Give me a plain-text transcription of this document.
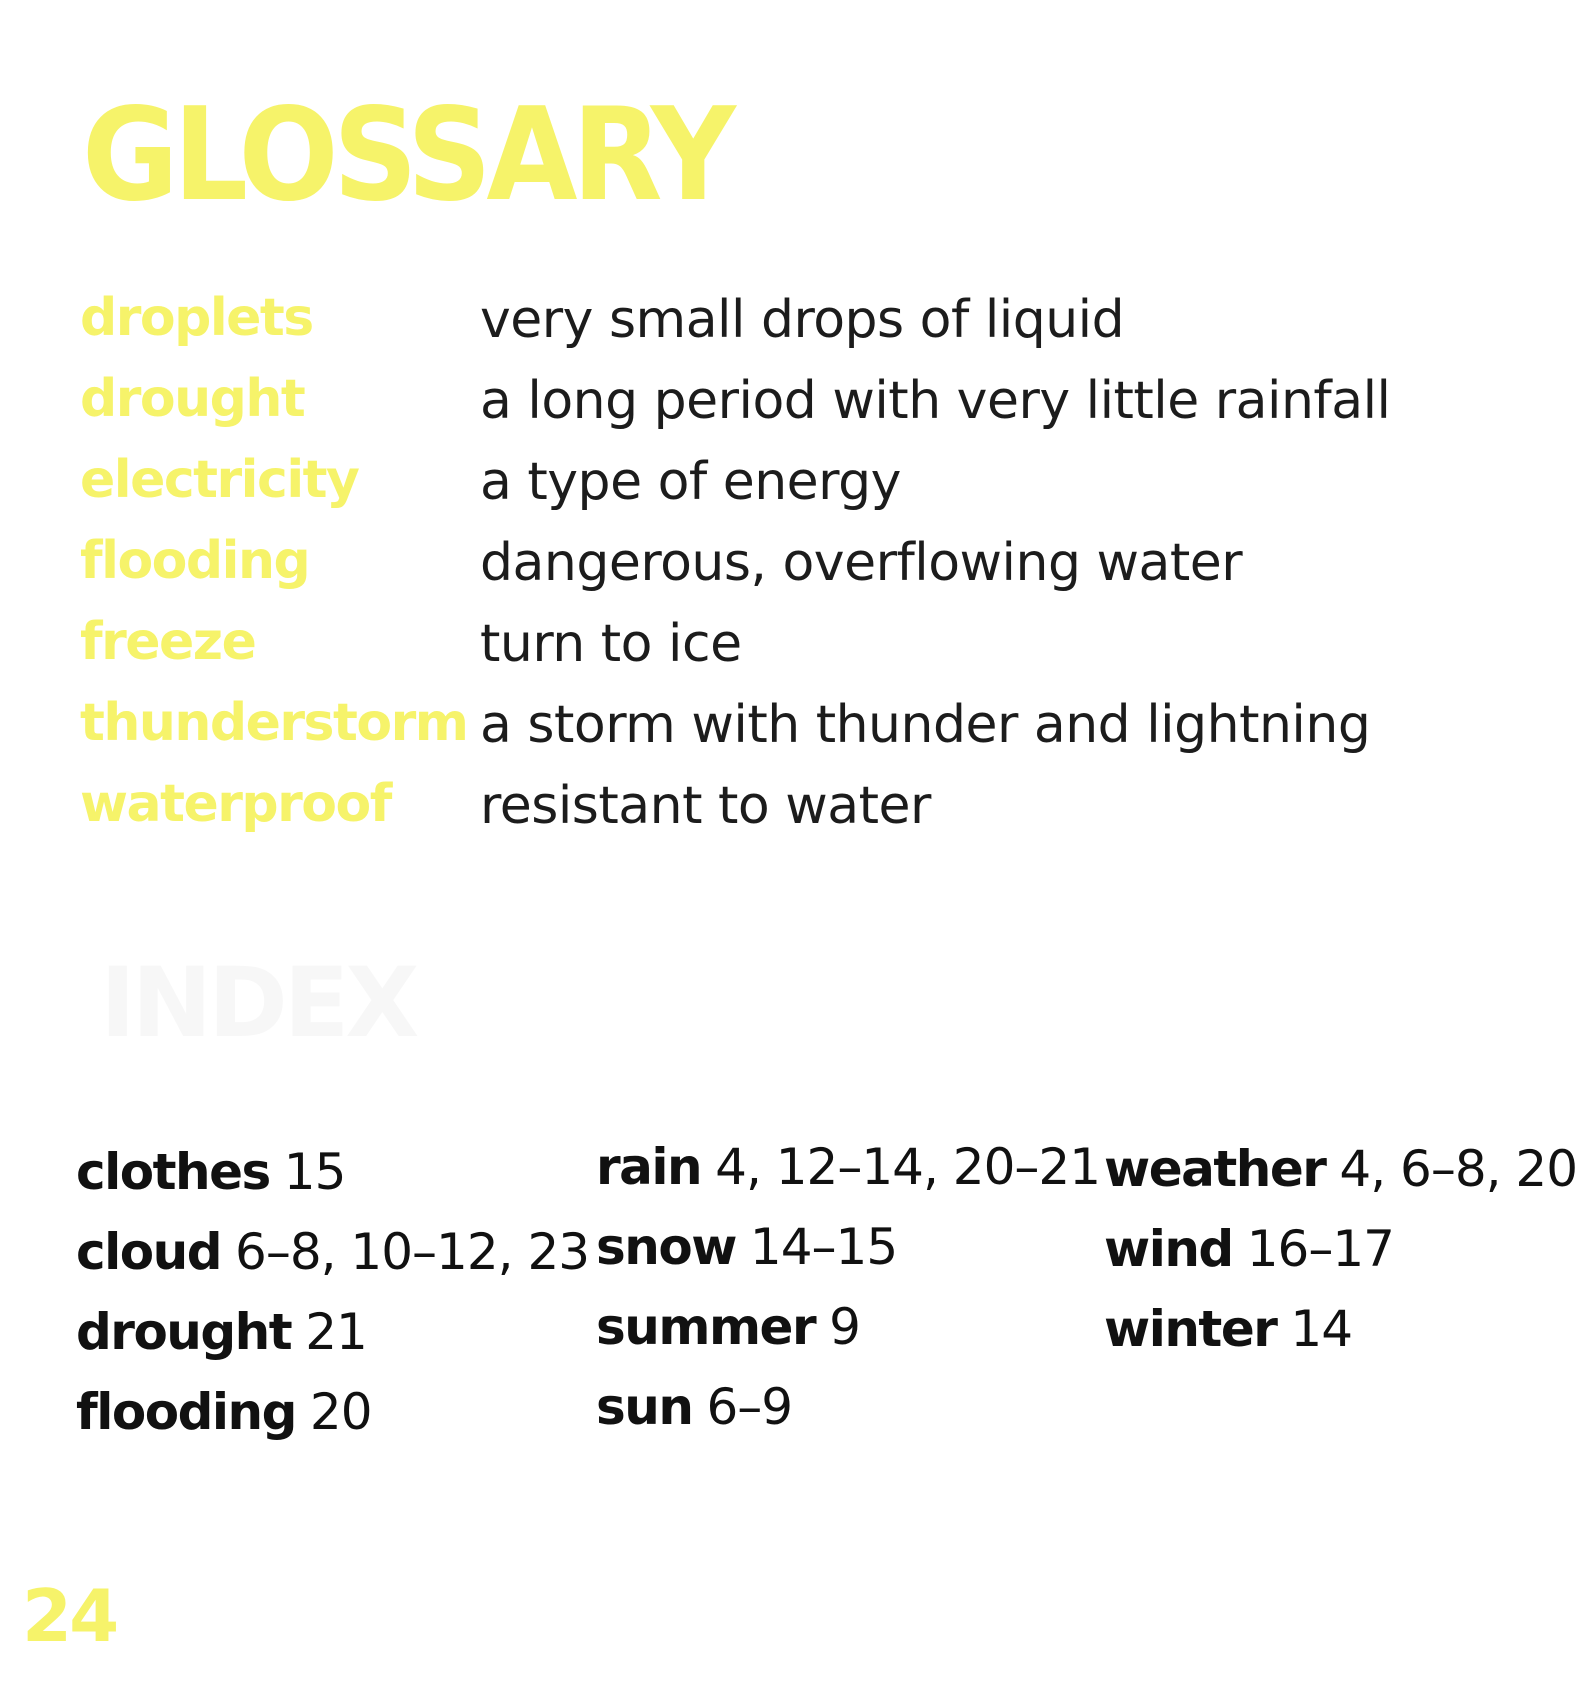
GLOSSARY
droplets	very small drops of liquid
drought	a long period with very little rainfall
electricity a type of energy
flooding	dangerous, overflowing water
freeze	turn to ice
thunderstorm a storm with thunder and lightning
waterproof resistant to water
INDEX
clothes 15
cloud 6–8, 10–12, 23
drought 21
flooding 20
rain 4, 12–14, 20–21
snow 14–15
summer 9
sun 6–9
weather 4, 6–8, 20
wind 16–17
winter 14
24
